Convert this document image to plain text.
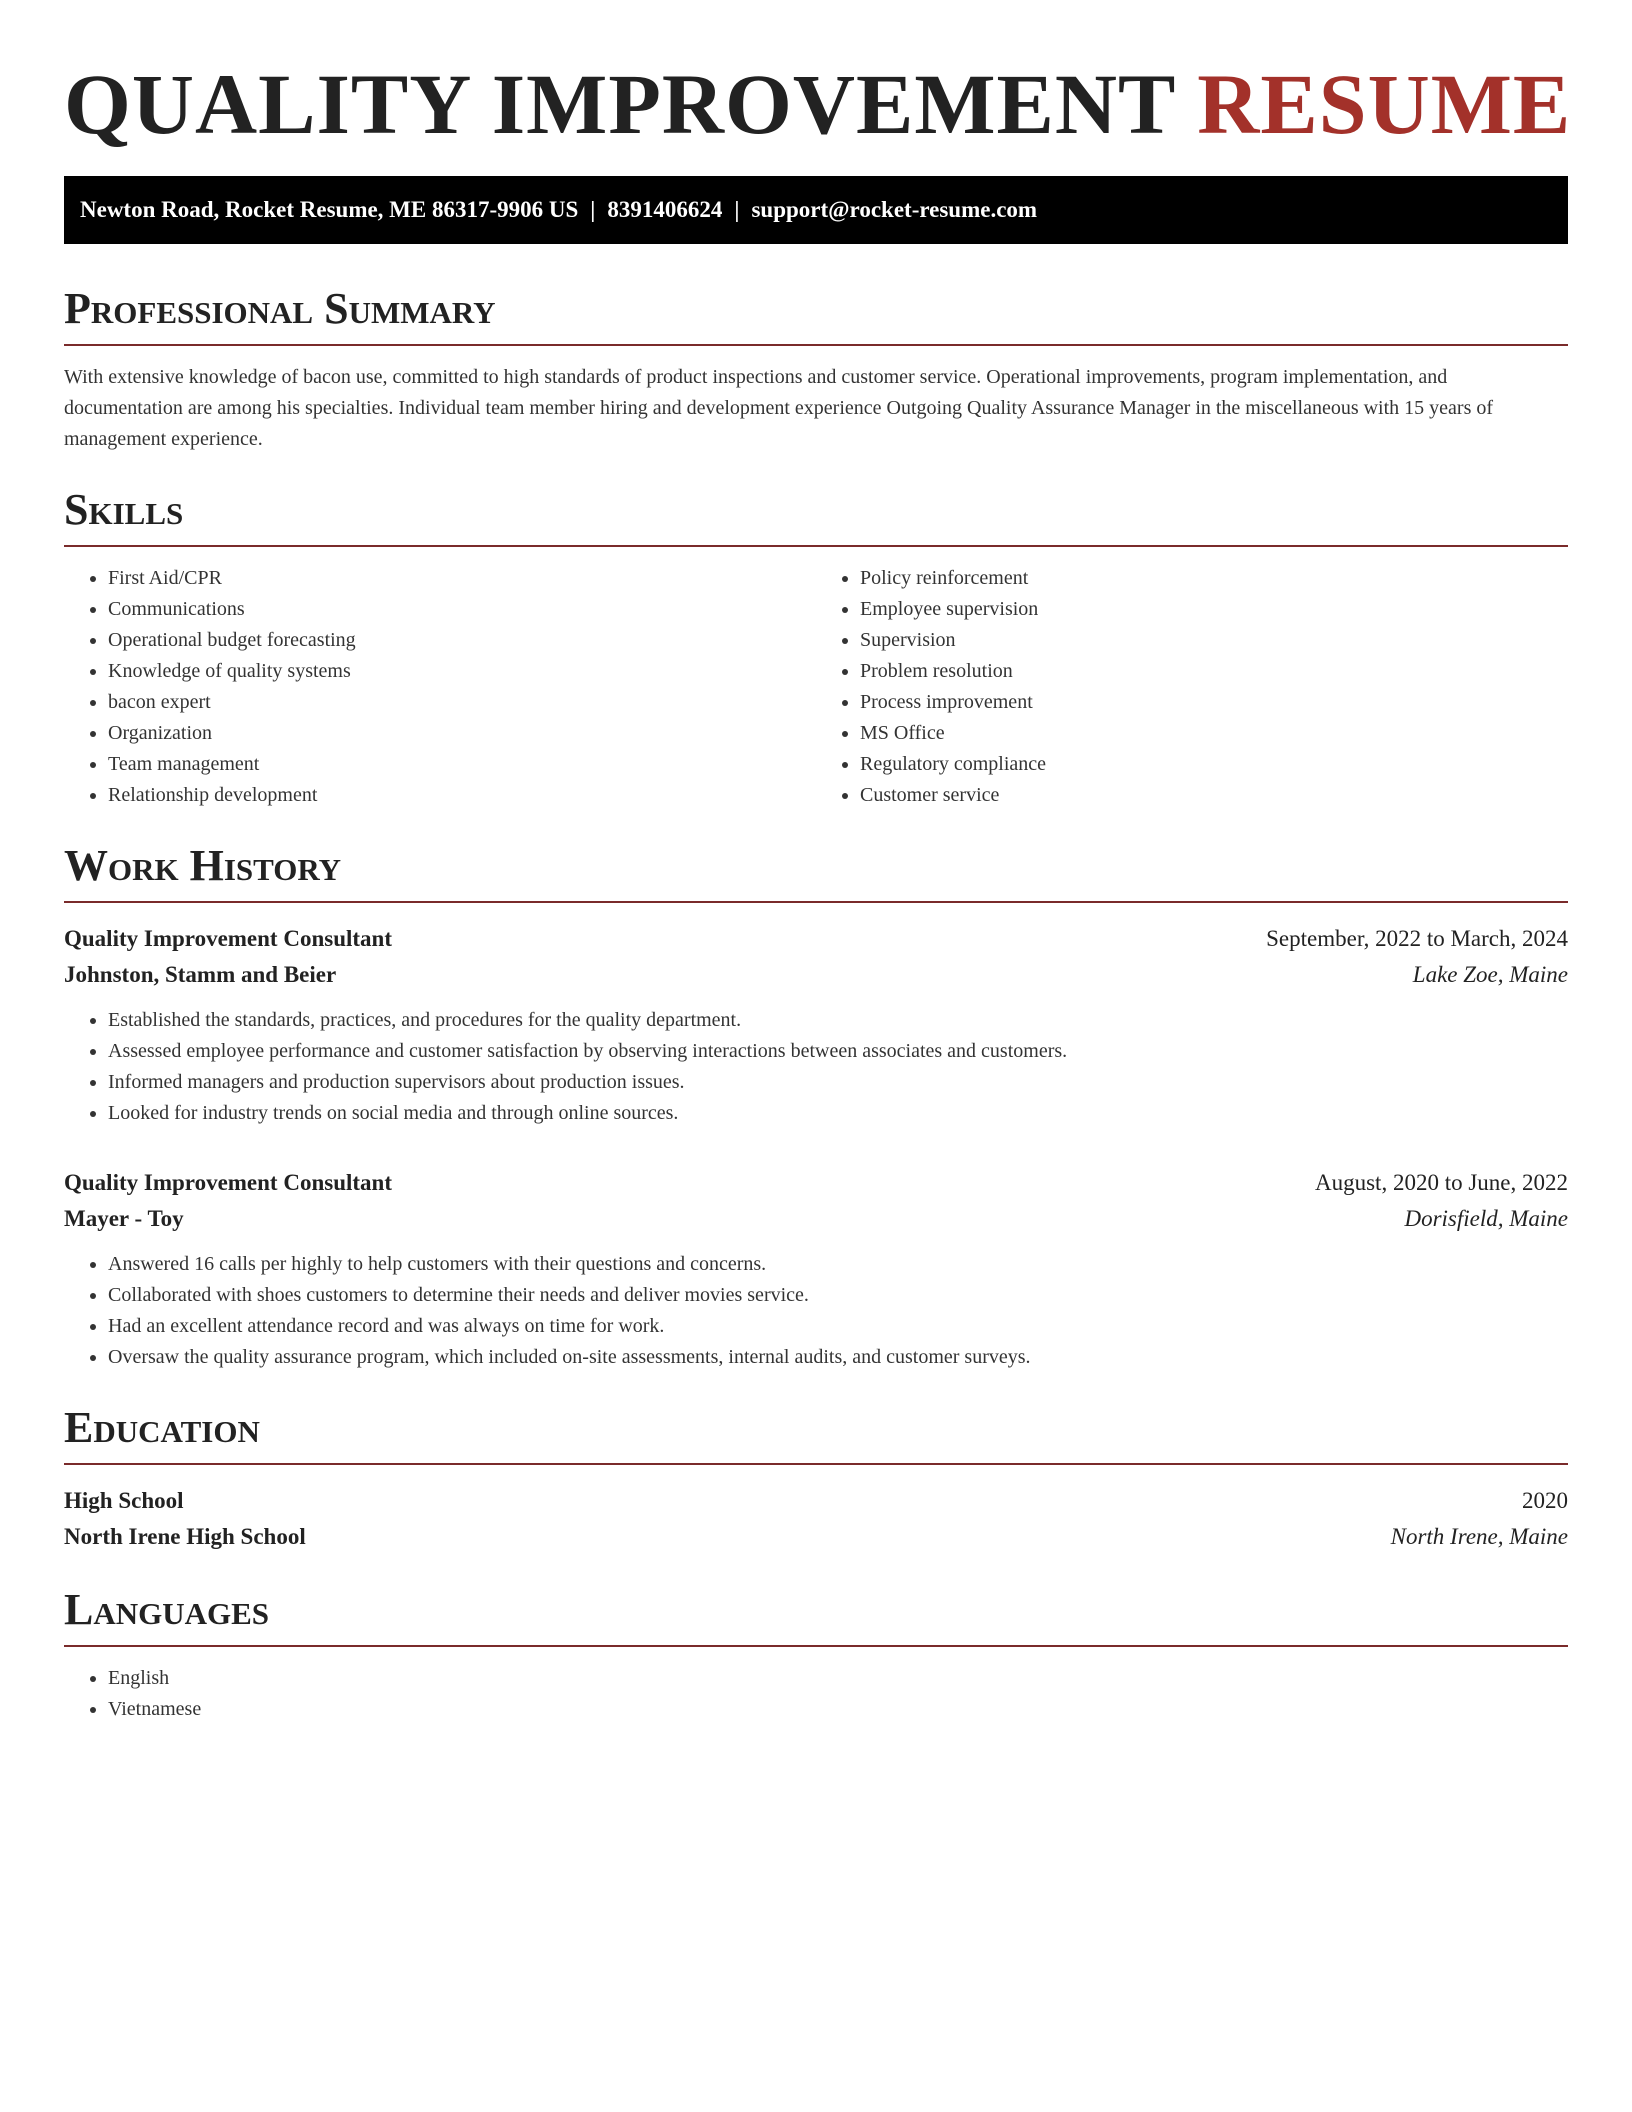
QUALITY IMPROVEMENT RESUME
Newton Road, Rocket Resume, ME 86317-9906 US | 8391406624 | support@rocket-resume.com
Professional Summary

With extensive knowledge of bacon use, committed to high standards of product inspections and customer service. Operational improvements, program implementation, and documentation are among his specialties. Individual team member hiring and development experience Outgoing Quality Assurance Manager in the miscellaneous with 15 years of management experience.

Skills
• First Aid/CPR
• Communications
• Operational budget forecasting
• Knowledge of quality systems
• bacon expert
• Organization
• Team management
• Relationship development
• Policy reinforcement
• Employee supervision
• Supervision
• Problem resolution
• Process improvement
• MS Office
• Regulatory compliance
• Customer service
Work History
Quality Improvement Consultant	September, 2022 to March, 2024
Johnston, Stamm and Beier	Lake Zoe, Maine
• Established the standards, practices, and procedures for the quality department.
• Assessed employee performance and customer satisfaction by observing interactions between associates and customers.
• Informed managers and production supervisors about production issues.
• Looked for industry trends on social media and through online sources.
Quality Improvement Consultant	August, 2020 to June, 2022
Mayer - Toy	Dorisfield, Maine
• Answered 16 calls per highly to help customers with their questions and concerns.
• Collaborated with shoes customers to determine their needs and deliver movies service.
• Had an excellent attendance record and was always on time for work.
• Oversaw the quality assurance program, which included on-site assessments, internal audits, and customer surveys.
Education
High School	2020
North Irene High School	North Irene, Maine
Languages
• English
• Vietnamese
